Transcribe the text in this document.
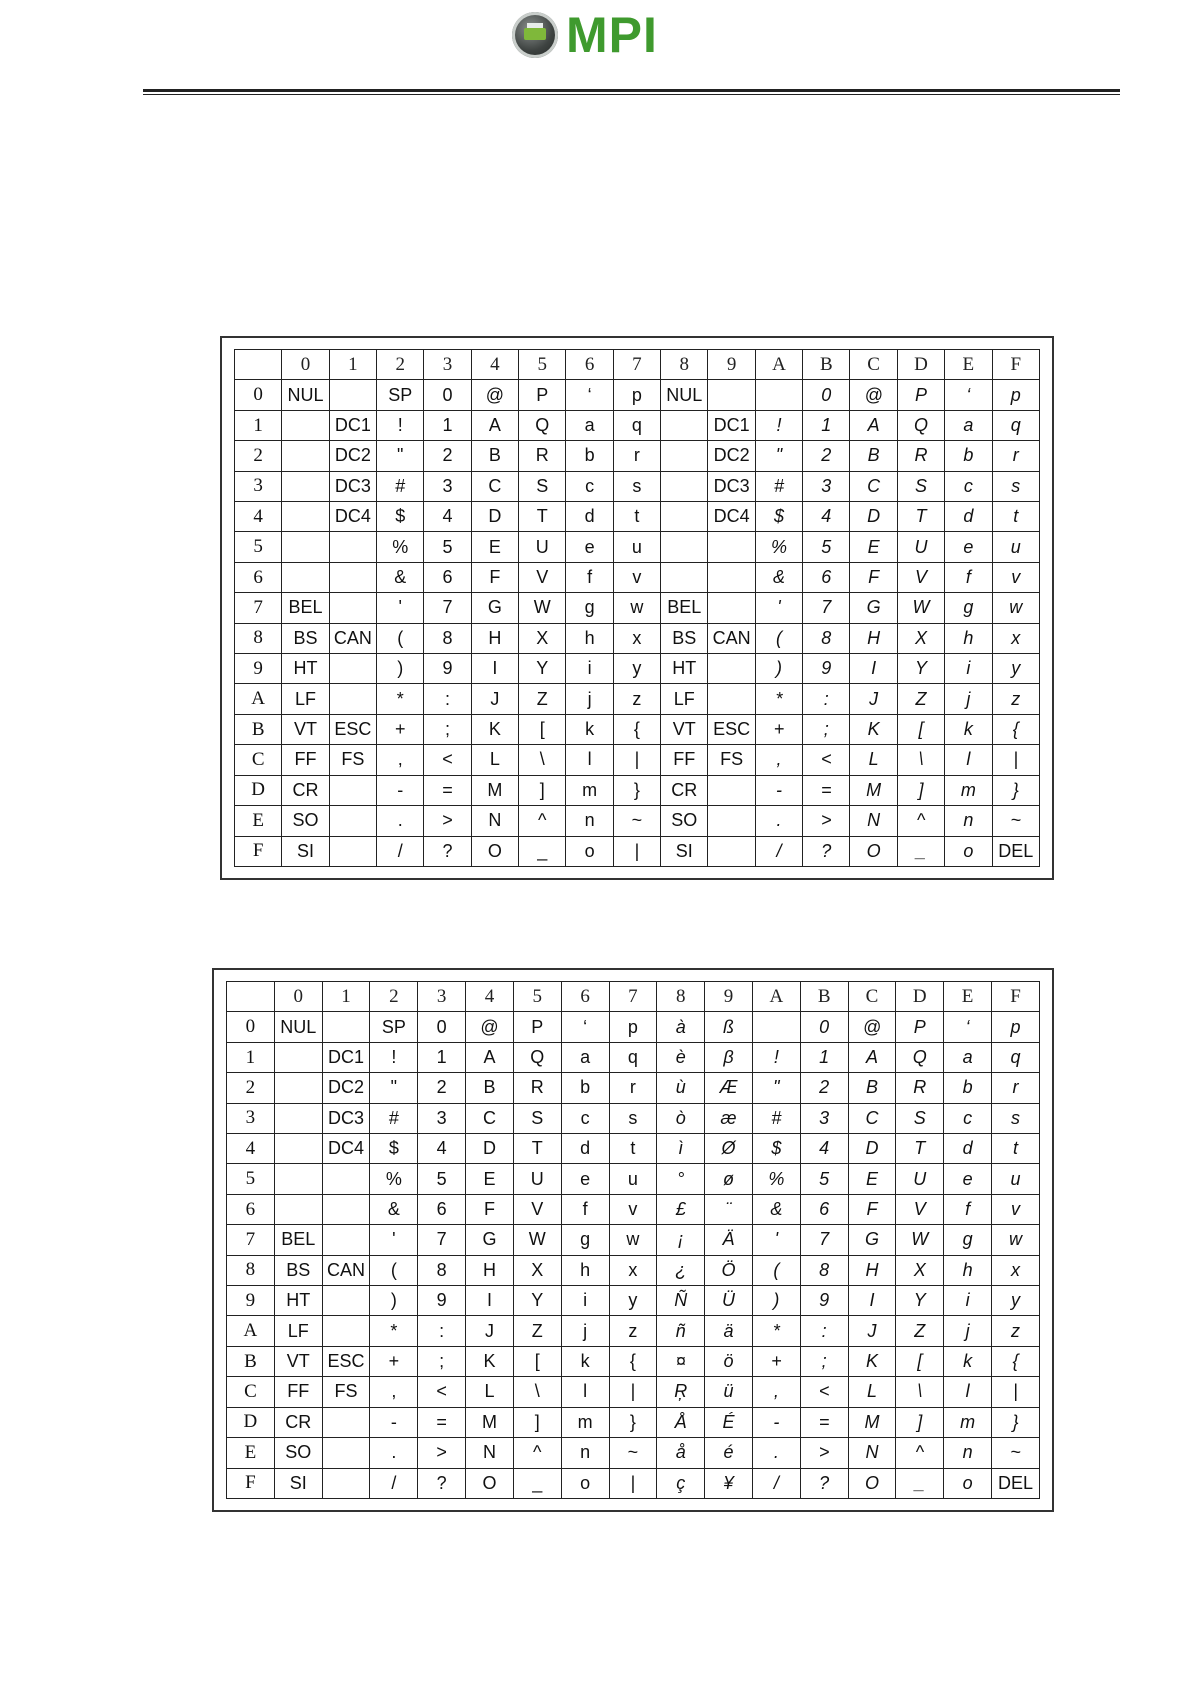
MPI
	0	1	2	3	4	5	6	7	8	9	A	B	C	D	E	F
0	NUL		SP	0	@	P	‘	p	NUL			0	@	P	‘	p
1		DC1	!	1	A	Q	a	q		DC1	!	1	A	Q	a	q
2		DC2	"	2	B	R	b	r		DC2	"	2	B	R	b	r
3		DC3	#	3	C	S	c	s		DC3	#	3	C	S	c	s
4		DC4	$	4	D	T	d	t		DC4	$	4	D	T	d	t
5			%	5	E	U	e	u			%	5	E	U	e	u
6			&	6	F	V	f	v			&	6	F	V	f	v
7	BEL		'	7	G	W	g	w	BEL		'	7	G	W	g	w
8	BS	CAN	(	8	H	X	h	x	BS	CAN	(	8	H	X	h	x
9	HT		)	9	I	Y	i	y	HT		)	9	I	Y	i	y
A	LF		*	:	J	Z	j	z	LF		*	:	J	Z	j	z
B	VT	ESC	+	;	K	[	k	{	VT	ESC	+	;	K	[	k	{
C	FF	FS	,	<	L	\	l	|	FF	FS	,	<	L	\	l	|
D	CR		-	=	M	]	m	}	CR		-	=	M	]	m	}
E	SO		.	>	N	^	n	~	SO		.	>	N	^	n	~
F	SI		/	?	O	_	o	|	SI		/	?	O	_	o	DEL
	0	1	2	3	4	5	6	7	8	9	A	B	C	D	E	F
0	NUL		SP	0	@	P	‘	p	à	ß		0	@	P	‘	p
1		DC1	!	1	A	Q	a	q	è	β	!	1	A	Q	a	q
2		DC2	"	2	B	R	b	r	ù	Æ	"	2	B	R	b	r
3		DC3	#	3	C	S	c	s	ò	æ	#	3	C	S	c	s
4		DC4	$	4	D	T	d	t	ì	Ø	$	4	D	T	d	t
5			%	5	E	U	e	u	°	ø	%	5	E	U	e	u
6			&	6	F	V	f	v	£	¨	&	6	F	V	f	v
7	BEL		'	7	G	W	g	w	¡	Ä	'	7	G	W	g	w
8	BS	CAN	(	8	H	X	h	x	¿	Ö	(	8	H	X	h	x
9	HT		)	9	I	Y	i	y	Ñ	Ü	)	9	I	Y	i	y
A	LF		*	:	J	Z	j	z	ñ	ä	*	:	J	Z	j	z
B	VT	ESC	+	;	K	[	k	{	¤	ö	+	;	K	[	k	{
C	FF	FS	,	<	L	\	l	|	Ŗ	ü	,	<	L	\	l	|
D	CR		-	=	M	]	m	}	Å	É	-	=	M	]	m	}
E	SO		.	>	N	^	n	~	å	é	.	>	N	^	n	~
F	SI		/	?	O	_	o	|	ç	¥	/	?	O	_	o	DEL
